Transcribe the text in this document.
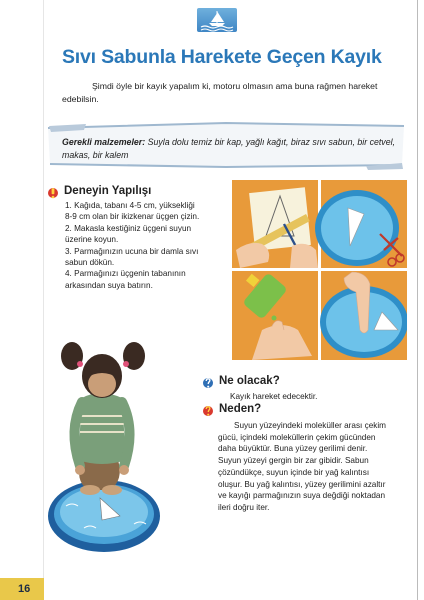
Sıvı Sabunla Harekete Geçen Kayık

Şimdi öyle bir kayık yapalım ki, motoru olmasın ama buna rağmen hareket edebilsin.

Gerekli malzemeler: Suyla dolu temiz bir kap, yağlı kağıt, biraz sıvı sabun, bir cetvel, makas, bir kalem

Deneyin Yapılışı
1. Kağıda, tabanı 4-5 cm, yüksekliği
8-9 cm olan bir ikizkenar üçgen çizin.
2. Makasla kestiğiniz üçgeni suyun
üzerine koyun.
3. Parmağınızın ucuna bir damla sıvı
sabun dökün.
4. Parmağınızı üçgenin tabanının
arkasından suya batırın.
Ne olacak?

Kayık hareket edecektir.

Neden?

Suyun yüzeyindeki moleküller arası çekim gücü, içindeki moleküllerin çekim gücünden daha büyüktür. Buna yüzey gerilimi denir. Suyun yüzeyi gergin bir zar gibidir. Sabun çözündükçe, suyun içinde bir yağ kalıntısı oluşur. Bu yağ kalıntısı, yüzey gerilimini azaltır ve kayığı parmağınızın suya değdiği noktadan ileri doğru iter.

16
